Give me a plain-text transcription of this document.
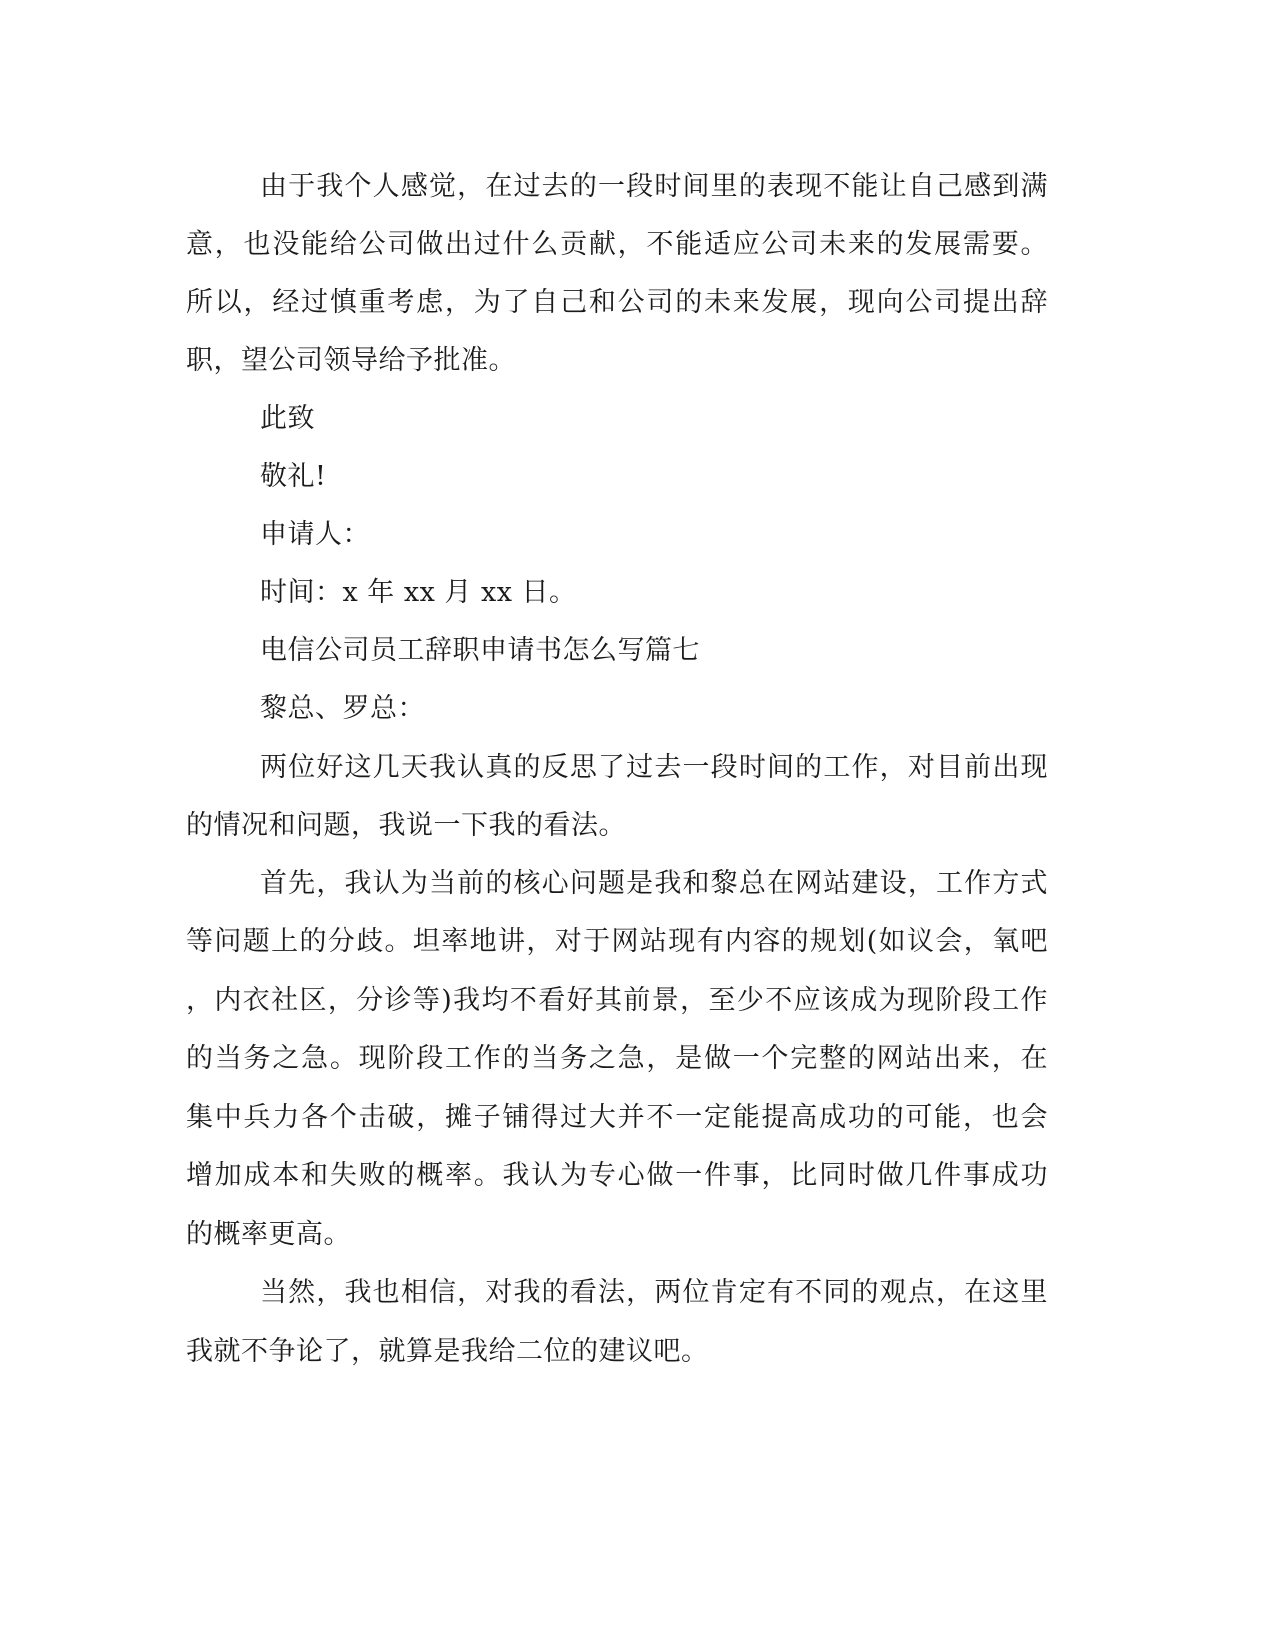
由于我个人感觉，在过去的一段时间里的表现不能让自己感到满
意，也没能给公司做出过什么贡献，不能适应公司未来的发展需要。
所以，经过慎重考虑，为了自己和公司的未来发展，现向公司提出辞
职，望公司领导给予批准。
此致
敬礼!
申请人：
时间：x 年 xx 月 xx 日。
电信公司员工辞职申请书怎么写篇七
黎总、罗总：
两位好这几天我认真的反思了过去一段时间的工作，对目前出现
的情况和问题，我说一下我的看法。
首先，我认为当前的核心问题是我和黎总在网站建设，工作方式
等问题上的分歧。坦率地讲，对于网站现有内容的规划(如议会，氧吧
，内衣社区，分诊等)我均不看好其前景，至少不应该成为现阶段工作
的当务之急。现阶段工作的当务之急，是做一个完整的网站出来，在
集中兵力各个击破，摊子铺得过大并不一定能提高成功的可能，也会
增加成本和失败的概率。我认为专心做一件事，比同时做几件事成功
的概率更高。
当然，我也相信，对我的看法，两位肯定有不同的观点，在这里
我就不争论了，就算是我给二位的建议吧。
